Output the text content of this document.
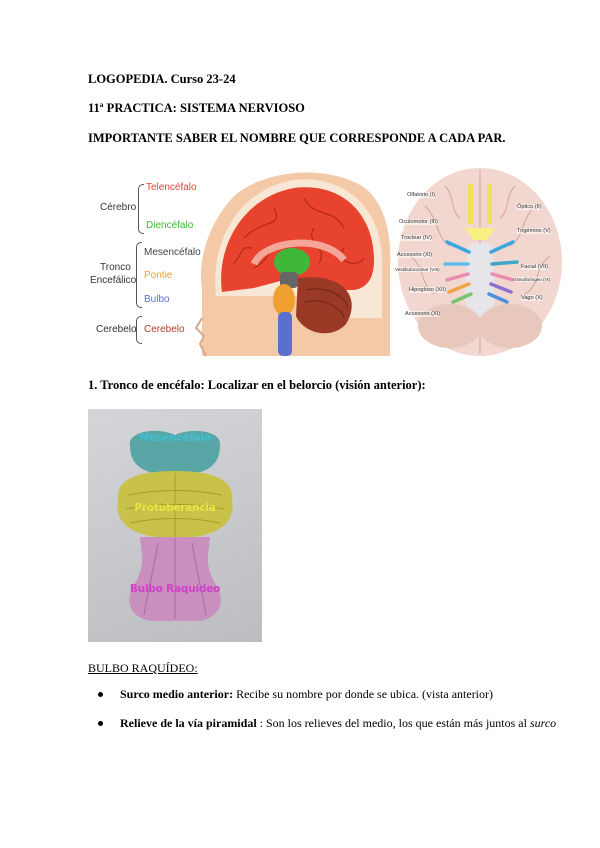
LOGOPEDIA. Curso 23-24
11ª PRACTICA: SISTEMA NERVIOSO
IMPORTANTE SABER EL NOMBRE QUE CORRESPONDE A CADA PAR.
Cérebro
Telencéfalo
Diencéfalo
Tronco
Encefálico
Mesencéfalo
Pontie
Bulbo
Cerebelo Cerebelo
Olfatorio (I)
Oculomotor (III)
Troclear (IV)
Accesorio (XI)
Vestibulococlear (VIII)
Hipogloso (XII)
Accesorio (XI)
Óptico (II)
Trigémino (V)
Facial (VII)
Glosofaríngeo (IX)
Vago (X)
1. Tronco de encéfalo: Localizar en el belorcio (visión anterior):
Mesencéfalo
Protuberancia
Bulbo Raquídeo
BULBO RAQUÍDEO:
Surco medio anterior: Recibe su nombre por donde se ubica. (vista anterior)
Relieve de la vía piramidal : Son los relieves del medio, los que están más juntos al surco
